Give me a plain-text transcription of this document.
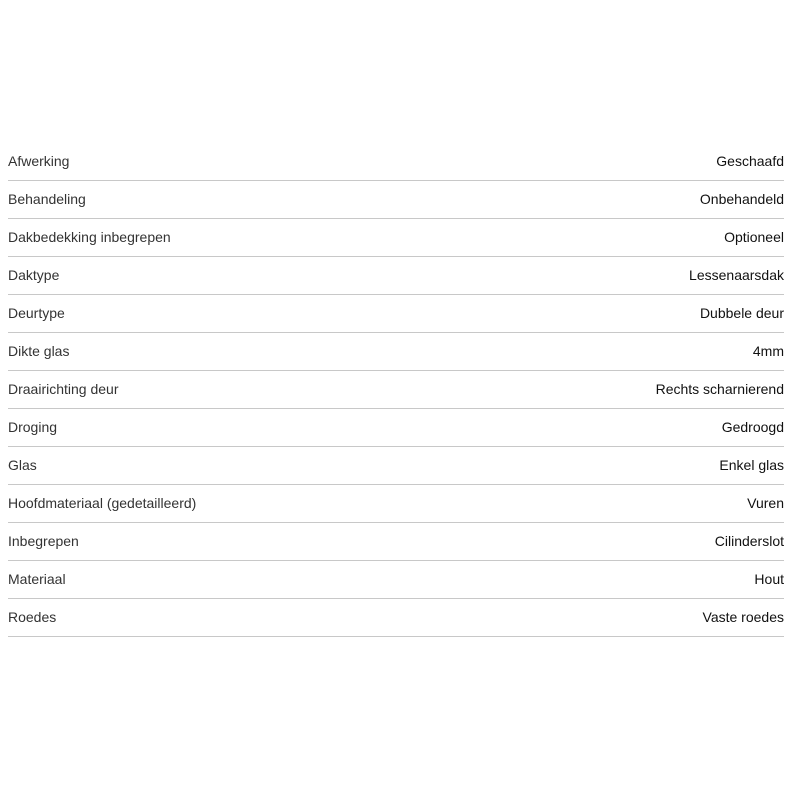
Afwerking	Geschaafd
Behandeling	Onbehandeld
Dakbedekking inbegrepen	Optioneel
Daktype	Lessenaarsdak
Deurtype	Dubbele deur
Dikte glas	4mm
Draairichting deur	Rechts scharnierend
Droging	Gedroogd
Glas	Enkel glas
Hoofdmateriaal (gedetailleerd)	Vuren
Inbegrepen	Cilinderslot
Materiaal	Hout
Roedes	Vaste roedes
